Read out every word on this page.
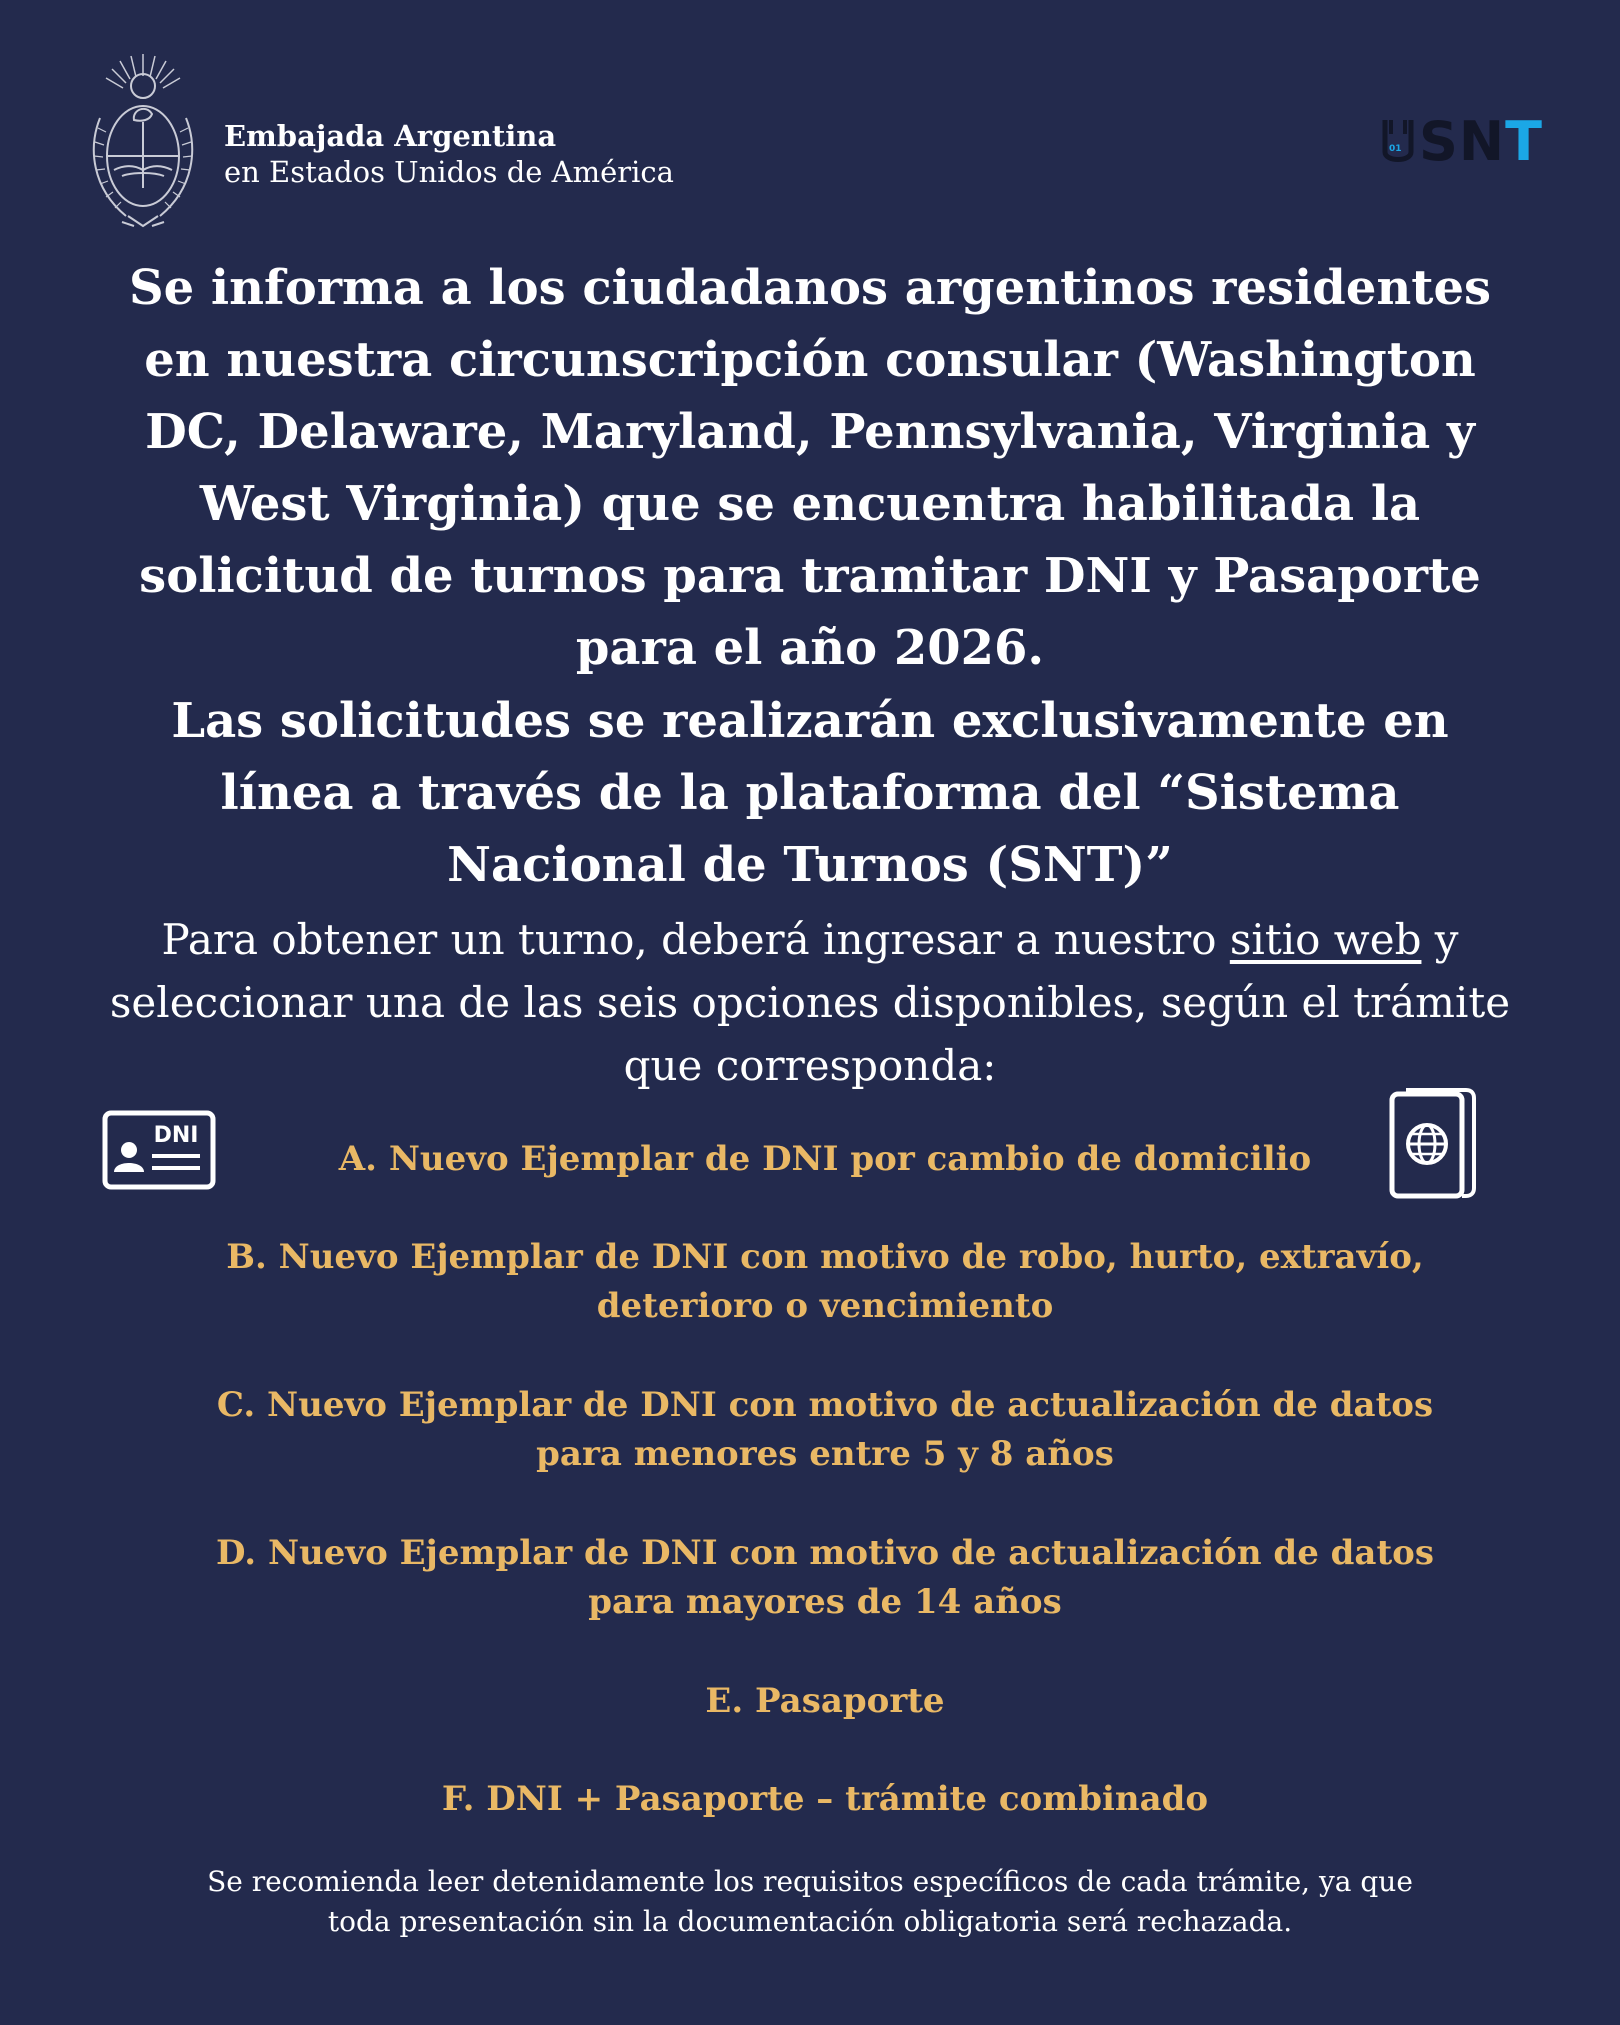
Embajada Argentina
en Estados Unidos de América
01 SNT
Se informa a los ciudadanos argentinos residentes en nuestra circunscripción consular (Washington DC, Delaware, Maryland, Pennsylvania, Virginia y West Virginia) que se encuentra habilitada la solicitud de turnos para tramitar DNI y Pasaporte para el año 2026.
Las solicitudes se realizarán exclusivamente en línea a través de la plataforma del “Sistema Nacional de Turnos (SNT)”
Para obtener un turno, deberá ingresar a nuestro sitio web y seleccionar una de las seis opciones disponibles, según el trámite que corresponda:
DNI
A. Nuevo Ejemplar de DNI por cambio de domicilio
B. Nuevo Ejemplar de DNI con motivo de robo, hurto, extravío, deterioro o vencimiento
C. Nuevo Ejemplar de DNI con motivo de actualización de datos para menores entre 5 y 8 años
D. Nuevo Ejemplar de DNI con motivo de actualización de datos para mayores de 14 años
E. Pasaporte
F. DNI + Pasaporte – trámite combinado
Se recomienda leer detenidamente los requisitos específicos de cada trámite, ya que toda presentación sin la documentación obligatoria será rechazada.
